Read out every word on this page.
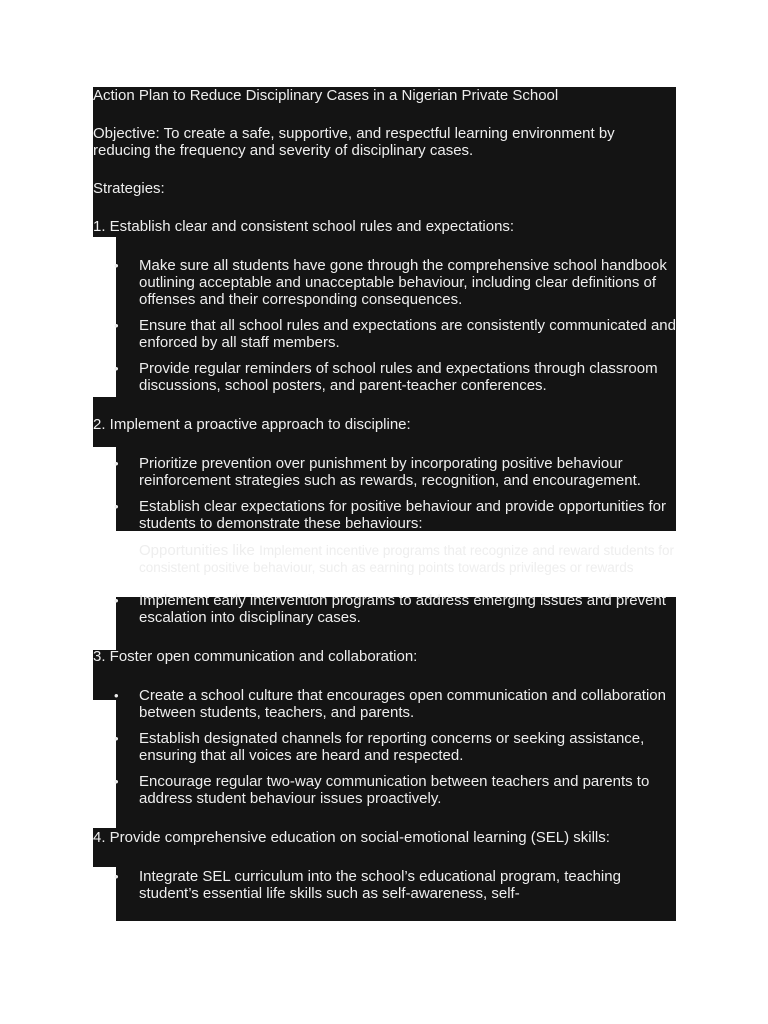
Action Plan to Reduce Disciplinary Cases in a Nigerian Private School

Objective: To create a safe, supportive, and respectful learning environment by

reducing the frequency and severity of disciplinary cases.

Strategies:

1. Establish clear and consistent school rules and expectations:

• Make sure all students have gone through the comprehensive school handbook outlining acceptable and unacceptable behaviour, including clear definitions of offenses and their corresponding consequences.
• Ensure that all school rules and expectations are consistently communicated and enforced by all staff members.
• Provide regular reminders of school rules and expectations through classroom discussions, school posters, and parent-teacher conferences.

2. Implement a proactive approach to discipline:

• Prioritize prevention over punishment by incorporating positive behaviour reinforcement strategies such as rewards, recognition, and encouragement.
• Establish clear expectations for positive behaviour and provide opportunities for students to demonstrate these behaviours:
Opportunities like Implement incentive programs that recognize and reward students for consistent positive behaviour, such as earning points towards privileges or rewards
• Implement early intervention programs to address emerging issues and prevent escalation into disciplinary cases.

3. Foster open communication and collaboration:

• Create a school culture that encourages open communication and collaboration between students, teachers, and parents.
• Establish designated channels for reporting concerns or seeking assistance, ensuring that all voices are heard and respected.
• Encourage regular two-way communication between teachers and parents to address student behaviour issues proactively.

4. Provide comprehensive education on social-emotional learning (SEL) skills:

• Integrate SEL curriculum into the school’s educational program, teaching student’s essential life skills such as self-awareness, self-
